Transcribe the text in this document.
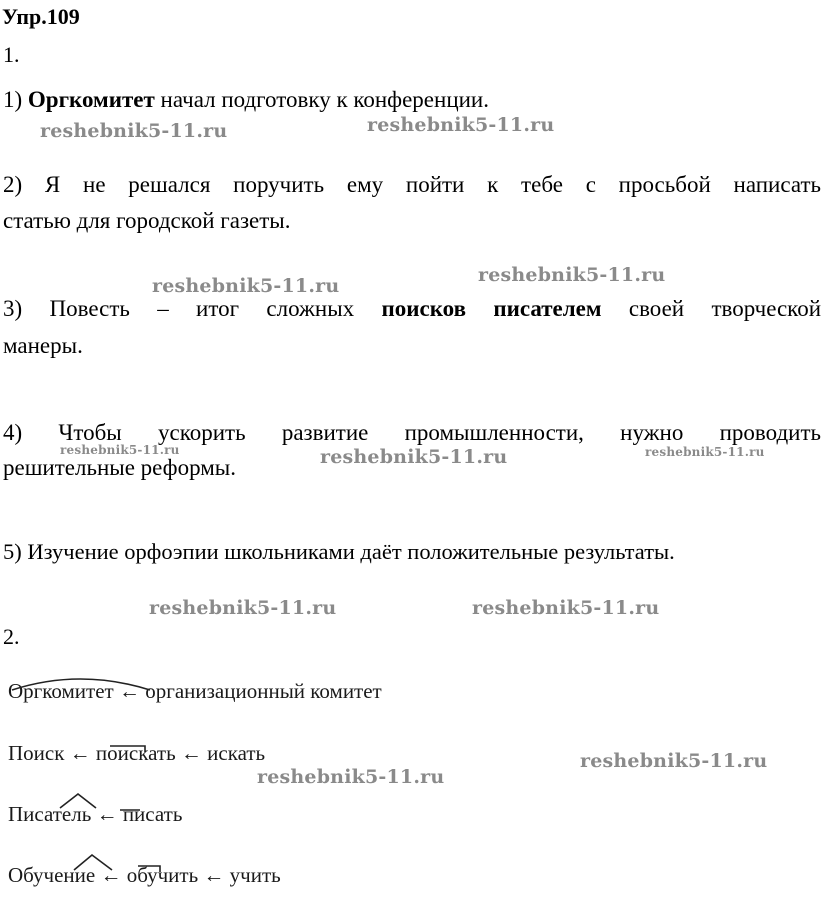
Упр.109
1.
1) Оргкомитет начал подготовку к конференции.
2) Я не решался поручить ему пойти к тебе с просьбой написать
статью для городской газеты.
3) Повесть – итог сложных поисков писателем своей творческой
манеры.
4) Чтобы ускорить развитие промышленности, нужно проводить
решительные реформы.
5) Изучение орфоэпии школьниками даёт положительные результаты.
2.
Оргкомитет ← организационный комитет
Поиск ← поискать ← искать
Писатель ← писать
Обучение ← обучить ← учить
reshebnik5-11.ru	reshebnik5-11.ru
reshebnik5-11.ru	reshebnik5-11.ru
reshebnik5-11.ru	reshebnik5-11.ru	reshebnik5-11.ru
reshebnik5-11.ru	reshebnik5-11.ru
reshebnik5-11.ru
reshebnik5-11.ru
